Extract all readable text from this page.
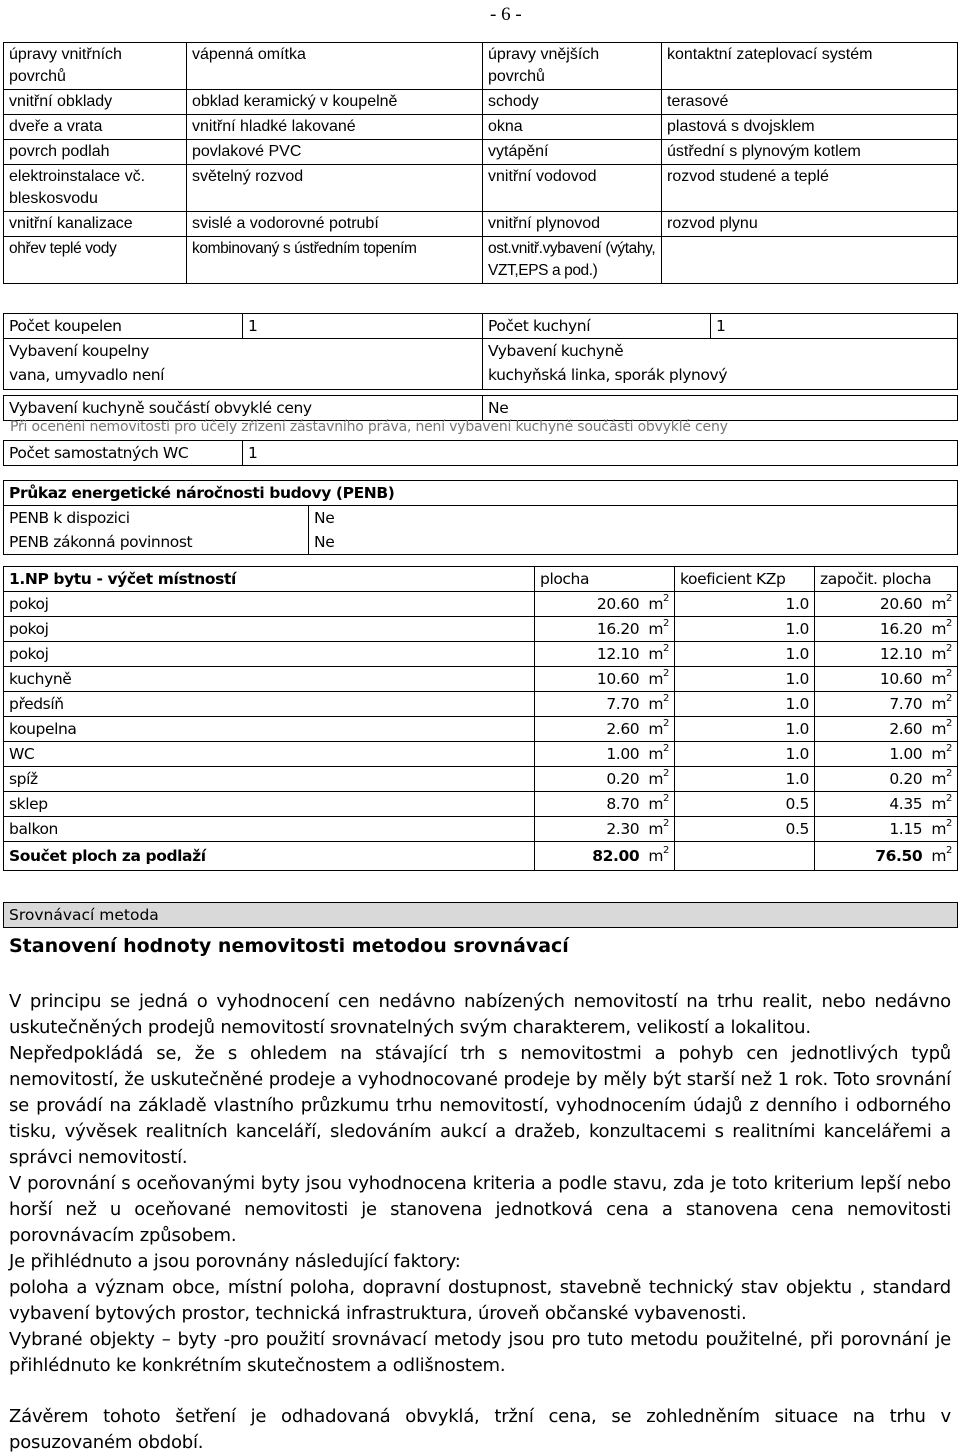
- 6 -
úpravy vnitřních povrchů	vápenná omítka	úpravy vnějších povrchů	kontaktní zateplovací systém
vnitřní obklady	obklad keramický v koupelně	schody	terasové
dveře a vrata	vnitřní hladké lakované	okna	plastová s dvojsklem
povrch podlah	povlakové PVC	vytápění	ústřední s plynovým kotlem
elektroinstalace vč. bleskosvodu	světelný rozvod	vnitřní vodovod	rozvod studené a teplé
vnitřní kanalizace	svislé a vodorovné potrubí	vnitřní plynovod	rozvod plynu
ohřev teplé vody	kombinovaný s ústředním topením	ost.vnitř.vybavení (výtahy, VZT,EPS a pod.)	
Počet koupelen	1	Počet kuchyní	1
Vybavení koupelny		Vybavení kuchyně	
vana, umyvadlo není		kuchyňská linka, sporák plynový	
Vybavení kuchyně součástí obvyklé ceny	Ne
Při ocenění nemovitostí pro účely zřízení zástavního práva, není vybavení kuchyně součástí obvyklé ceny
Počet samostatných WC	1
Průkaz energetické náročnosti budovy (PENB)	
PENB k dispozici	Ne
PENB zákonná povinnost	Ne
1.NP bytu - výčet místností	plocha	koeficient KZp	započit. plocha
pokoj	20.60 $m^2$	1.0	20.60 $m^2$
pokoj	16.20 $m^2$	1.0	16.20 $m^2$
pokoj	12.10 $m^2$	1.0	12.10 $m^2$
kuchyně	10.60 $m^2$	1.0	10.60 $m^2$
předsíň	7.70 $m^2$	1.0	7.70 $m^2$
koupelna	2.60 $m^2$	1.0	2.60 $m^2$
WC	1.00 $m^2$	1.0	1.00 $m^2$
spíž	0.20 $m^2$	1.0	0.20 $m^2$
sklep	8.70 $m^2$	0.5	4.35 $m^2$
balkon	2.30 $m^2$	0.5	1.15 $m^2$
Součet ploch za podlaží	82.00 $m^2$		76.50 $m^2$
Srovnávací metoda
Stanovení hodnoty nemovitosti metodou srovnávací

V principu se jedná o vyhodnocení cen nedávno nabízených nemovitostí na trhu realit, nebo nedávno uskutečněných prodejů nemovitostí srovnatelných svým charakterem, velikostí a lokalitou.

Nepředpokládá se, že s ohledem na stávající trh s nemovitostmi a pohyb cen jednotlivých typů nemovitostí, že uskutečněné prodeje a vyhodnocované prodeje by měly být starší než 1 rok. Toto srovnání se provádí na základě vlastního průzkumu trhu nemovitostí, vyhodnocením údajů z denního i odborného tisku, vývěsek realitních kanceláří, sledováním aukcí a dražeb, konzultacemi s realitními kancelářemi a správci nemovitostí.

V porovnání s oceňovanými byty jsou vyhodnocena kriteria a podle stavu, zda je toto kriterium lepší nebo horší než u oceňované nemovitosti je stanovena jednotková cena a stanovena cena nemovitosti porovnávacím způsobem.

Je přihlédnuto a jsou porovnány následující faktory:

poloha a význam obce, místní poloha, dopravní dostupnost, stavebně technický stav objektu , standard vybavení bytových prostor, technická infrastruktura, úroveň občanské vybavenosti.

Vybrané objekty – byty -pro použití srovnávací metody jsou pro tuto metodu použitelné, při porovnání je přihlédnuto ke konkrétním skutečnostem a odlišnostem.

Závěrem tohoto šetření je odhadovaná obvyklá, tržní cena, se zohledněním situace na trhu v posuzovaném období.
